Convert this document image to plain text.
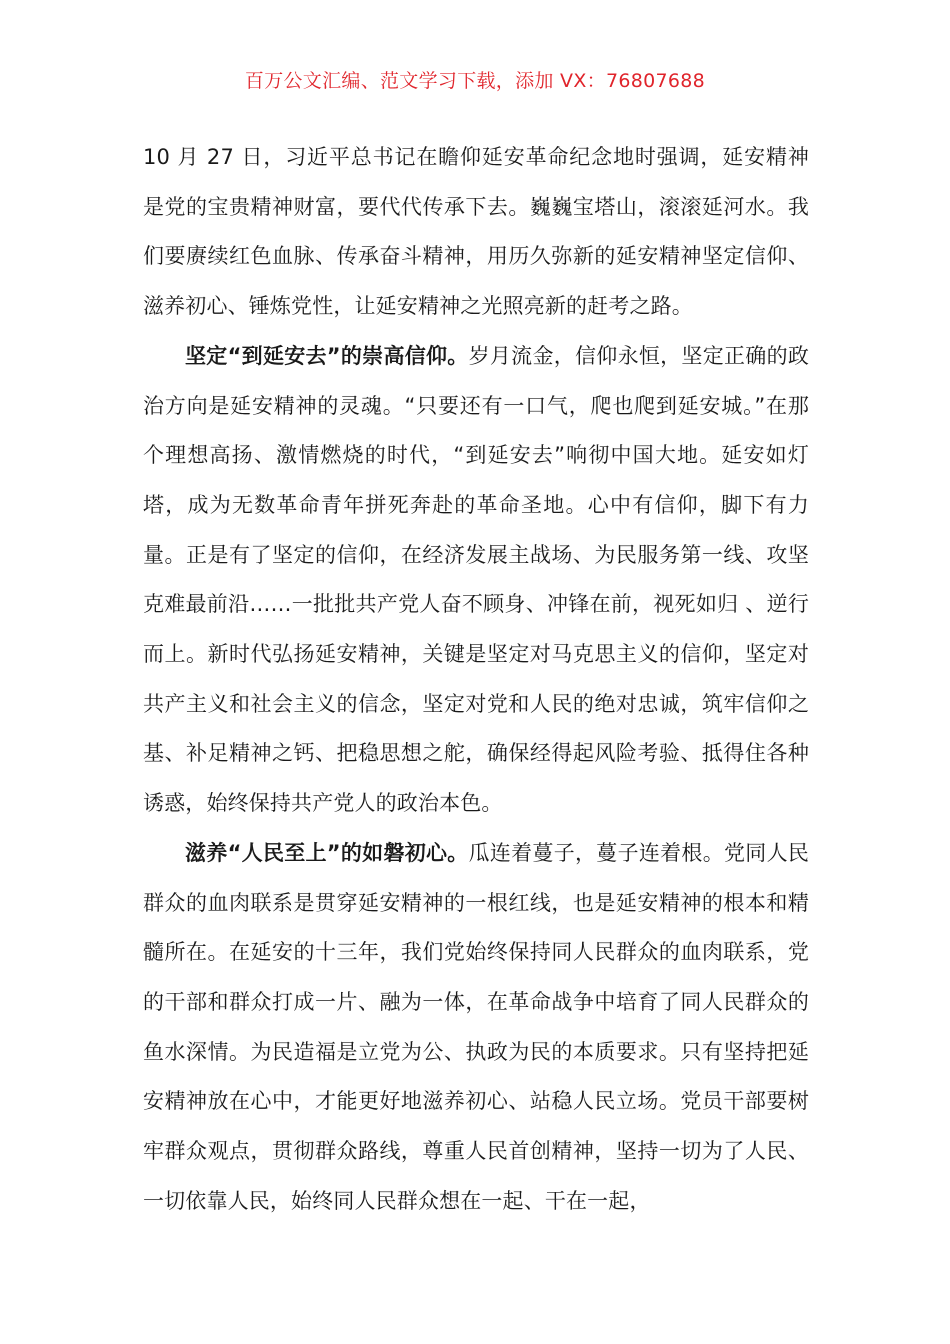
百万公文汇编、范文学习下载，添加 VX：76807688

10 月 27 日，习近平总书记在瞻仰延安革命纪念地时强调，延安精神是党的宝贵精神财富，要代代传承下去。巍巍宝塔山，滚滚延河水。我们要赓续红色血脉、传承奋斗精神，用历久弥新的延安精神坚定信仰、滋养初心、锤炼党性，让延安精神之光照亮新的赶考之路。

坚定“到延安去”的崇高信仰。岁月流金，信仰永恒，坚定正确的政治方向是延安精神的灵魂。“只要还有一口气，爬也爬到延安城。”在那个理想高扬、激情燃烧的时代，“到延安去”响彻中国大地。延安如灯塔，成为无数革命青年拼死奔赴的革命圣地。心中有信仰，脚下有力量。正是有了坚定的信仰，在经济发展主战场、为民服务第一线、攻坚克难最前沿……一批批共产党人奋不顾身、冲锋在前，视死如归 、逆行而上。新时代弘扬延安精神，关键是坚定对马克思主义的信仰，坚定对共产主义和社会主义的信念，坚定对党和人民的绝对忠诚，筑牢信仰之基、补足精神之钙、把稳思想之舵，确保经得起风险考验、抵得住各种诱惑，始终保持共产党人的政治本色。

滋养“人民至上”的如磐初心。瓜连着蔓子，蔓子连着根。党同人民群众的血肉联系是贯穿延安精神的一根红线，也是延安精神的根本和精髓所在。在延安的十三年，我们党始终保持同人民群众的血肉联系，党的干部和群众打成一片、融为一体，在革命战争中培育了同人民群众的鱼水深情。为民造福是立党为公、执政为民的本质要求。只有坚持把延安精神放在心中，才能更好地滋养初心、站稳人民立场。党员干部要树牢群众观点，贯彻群众路线，尊重人民首创精神，坚持一切为了人民、一切依靠人民，始终同人民群众想在一起、干在一起，
